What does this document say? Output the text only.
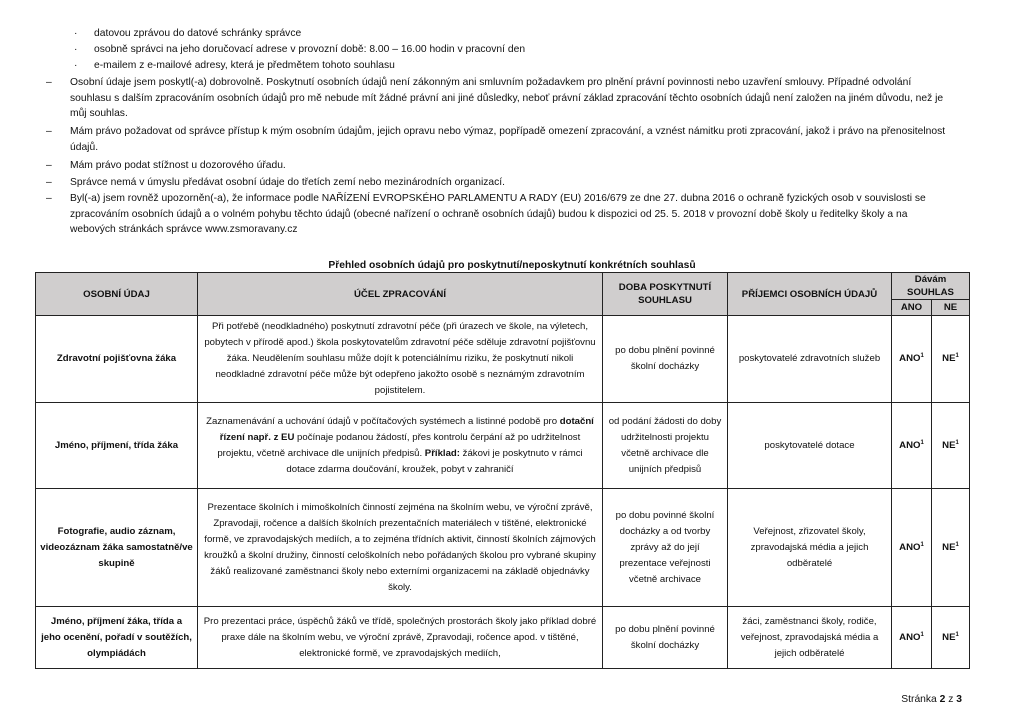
· datovou zprávou do datové schránky správce
· osobně správci na jeho doručovací adrese v provozní době: 8.00 – 16.00 hodin v pracovní den
· e-mailem z e-mailové adresy, která je předmětem tohoto souhlasu
– Osobní údaje jsem poskytl(-a) dobrovolně. Poskytnutí osobních údajů není zákonným ani smluvním požadavkem pro plnění právní povinnosti nebo uzavření smlouvy. Případné odvolání souhlasu s dalším zpracováním osobních údajů pro mě nebude mít žádné právní ani jiné důsledky, neboť právní základ zpracování těchto osobních údajů není založen na jiném důvodu, než je můj souhlas.
– Mám právo požadovat od správce přístup k mým osobním údajům, jejich opravu nebo výmaz, popřípadě omezení zpracování, a vznést námitku proti zpracování, jakož i právo na přenositelnost údajů.
– Mám právo podat stížnost u dozorového úřadu.
– Správce nemá v úmyslu předávat osobní údaje do třetích zemí nebo mezinárodních organizací.
– Byl(-a) jsem rovněž upozorněn(-a), že informace podle NAŘÍZENÍ EVROPSKÉHO PARLAMENTU A RADY (EU) 2016/679 ze dne 27. dubna 2016 o ochraně fyzických osob v souvislosti se zpracováním osobních údajů a o volném pohybu těchto údajů (obecné nařízení o ochraně osobních údajů) budou k dispozici od 25. 5. 2018 v provozní době školy u ředitelky školy a na webových stránkách správce www.zsmoravany.cz
Přehled osobních údajů pro poskytnutí/neposkytnutí konkrétních souhlasů
OSOBNÍ ÚDAJ	ÚČEL ZPRACOVÁNÍ	DOBA POSKYTNUTÍ SOUHLASU	PŘÍJEMCI OSOBNÍCH ÚDAJŮ	Dávám SOUHLAS	
				ANO	NE
Zdravotní pojišťovna žáka	Při potřebě (neodkladného) poskytnutí zdravotní péče (při úrazech ve škole, na výletech, pobytech v přírodě apod.) škola poskytovatelům zdravotní péče sděluje zdravotní pojišťovnu žáka. Neudělením souhlasu může dojít k potenciálnímu riziku, že poskytnutí nikoli neodkladné zdravotní péče může být odepřeno jakožto osobě s neznámým zdravotním pojistitelem.	po dobu plnění povinné školní docházky	poskytovatelé zdravotních služeb	ANO$^1$	$NE^1$
Jméno, příjmení, třída žáka	Zaznamenávání a uchování údajů v počítačových systémech a listinné podobě pro dotační řízení např. z EU počínaje podanou žádostí, přes kontrolu čerpání až po udržitelnost projektu, včetně archivace dle unijních předpisů. Příklad: žákovi je poskytnuto v rámci dotace zdarma doučování, kroužek, pobyt v zahraničí	od podání žádosti do doby udržitelnosti projektu včetně archivace dle unijních předpisů	poskytovatelé dotace	ANO$^1$	$NE^1$
Fotografie, audio záznam, videozáznam žáka samostatně/ve skupině	Prezentace školních i mimoškolních činností zejména na školním webu, ve výroční zprávě, Zpravodaji, ročence a dalších školních prezentačních materiálech v tištěné, elektronické formě, ve zpravodajských mediích, a to zejména třídních aktivit, činností školních zájmových kroužků a školní družiny, činností celoškolních nebo pořádaných školou pro vybrané skupiny žáků realizované zaměstnanci školy nebo externími organizacemi na základě objednávky školy.	po dobu povinné školní docházky a od tvorby zprávy až do její prezentace veřejnosti včetně archivace	Veřejnost, zřizovatel školy, zpravodajská média a jejich odběratelé	ANO$^1$	$NE^1$
Jméno, příjmení žáka, třída a jeho ocenění, pořadí v soutěžích, olympiádách	Pro prezentaci práce, úspěchů žáků ve třídě, společných prostorách školy jako příklad dobré praxe dále na školním webu, ve výroční zprávě, Zpravodaji, ročence apod. v tištěné, elektronické formě, ve zpravodajských mediích,	po dobu plnění povinné školní docházky	žáci, zaměstnanci školy, rodiče, veřejnost, zpravodajská média a jejich odběratelé	ANO$^1$	$NE^1$
Stránka 2 z 3
